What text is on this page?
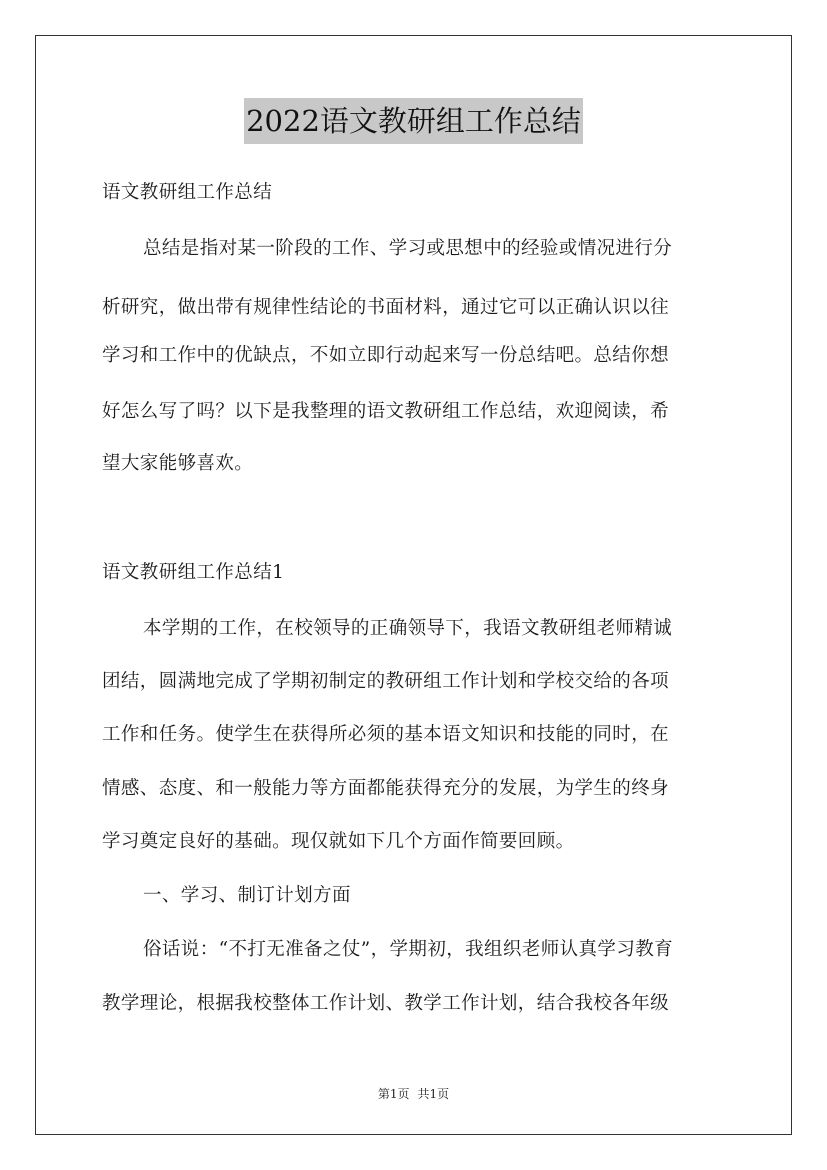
2022语文教研组工作总结
语文教研组工作总结
总结是指对某一阶段的工作、学习或思想中的经验或情况进行分
析研究，做出带有规律性结论的书面材料，通过它可以正确认识以往
学习和工作中的优缺点，不如立即行动起来写一份总结吧。总结你想
好怎么写了吗？以下是我整理的语文教研组工作总结，欢迎阅读，希
望大家能够喜欢。
语文教研组工作总结1
本学期的工作，在校领导的正确领导下，我语文教研组老师精诚
团结，圆满地完成了学期初制定的教研组工作计划和学校交给的各项
工作和任务。使学生在获得所必须的基本语文知识和技能的同时，在
情感、态度、和一般能力等方面都能获得充分的发展，为学生的终身
学习奠定良好的基础。现仅就如下几个方面作简要回顾。
一、学习、制订计划方面
俗话说：“不打无准备之仗”，学期初，我组织老师认真学习教育
教学理论，根据我校整体工作计划、教学工作计划，结合我校各年级
第1页 共1页
